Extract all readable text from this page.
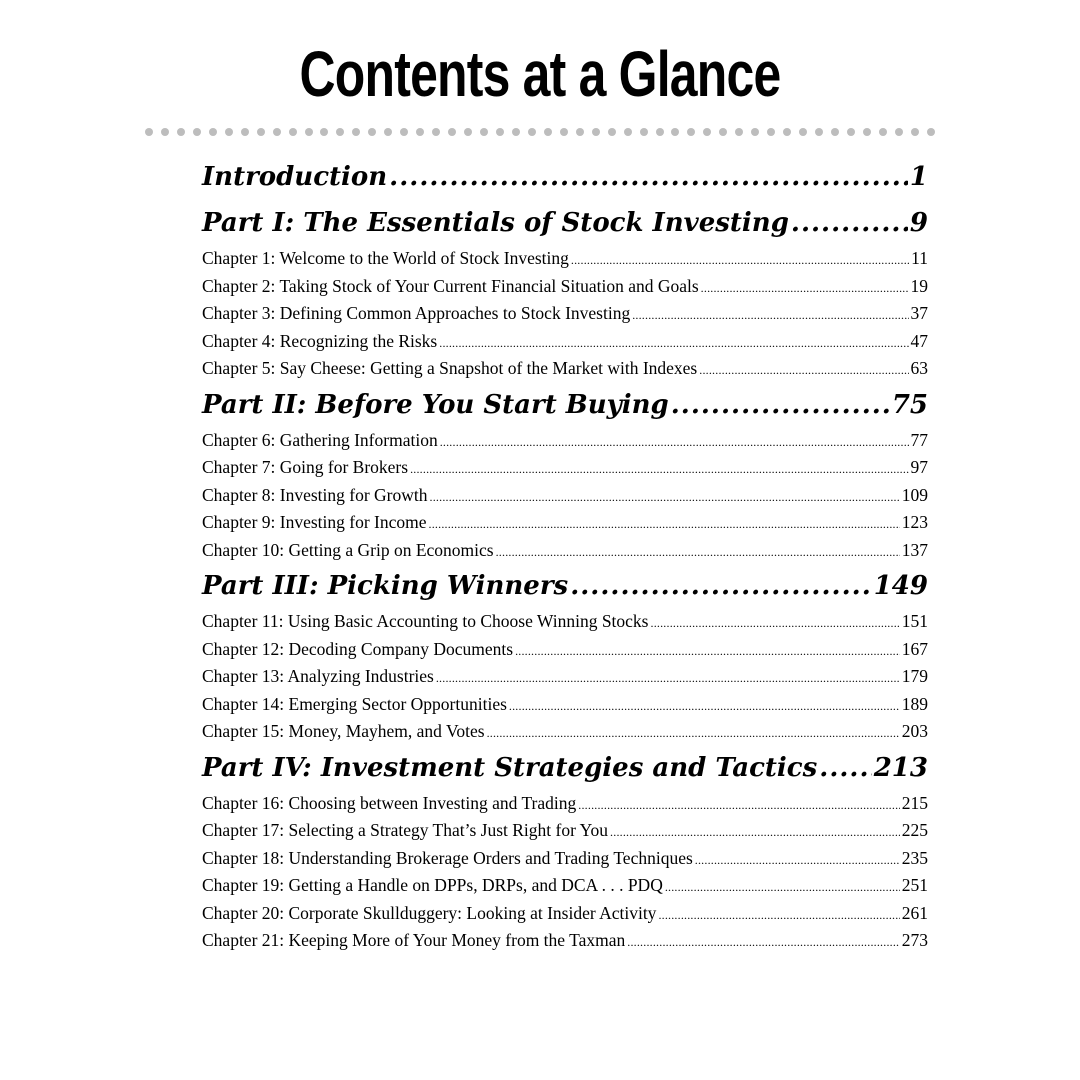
Contents at a Glance
Introduction .....	1
Part I: The Essentials of Stock Investing .....	9
Chapter 1: Welcome to the World of Stock Investing .....	11
Chapter 2: Taking Stock of Your Current Financial Situation and Goals .....	19
Chapter 3: Defining Common Approaches to Stock Investing .....	37
Chapter 4: Recognizing the Risks .....	47
Chapter 5: Say Cheese: Getting a Snapshot of the Market with Indexes .....	63
Part II: Before You Start Buying .....	75
Chapter 6: Gathering Information .....	77
Chapter 7: Going for Brokers .....	97
Chapter 8: Investing for Growth .....	109
Chapter 9: Investing for Income .....	123
Chapter 10: Getting a Grip on Economics .....	137
Part III: Picking Winners .....	149
Chapter 11: Using Basic Accounting to Choose Winning Stocks .....	151
Chapter 12: Decoding Company Documents .....	167
Chapter 13: Analyzing Industries .....	179
Chapter 14: Emerging Sector Opportunities .....	189
Chapter 15: Money, Mayhem, and Votes .....	203
Part IV: Investment Strategies and Tactics ..... 213
Chapter 16: Choosing between Investing and Trading .....	215
Chapter 17: Selecting a Strategy That’s Just Right for You .....	225
Chapter 18: Understanding Brokerage Orders and Trading Techniques .....	235
Chapter 19: Getting a Handle on DPPs, DRPs, and DCA . . . PDQ .....	251
Chapter 20: Corporate Skullduggery: Looking at Insider Activity .....	261
Chapter 21: Keeping More of Your Money from the Taxman .....	273
